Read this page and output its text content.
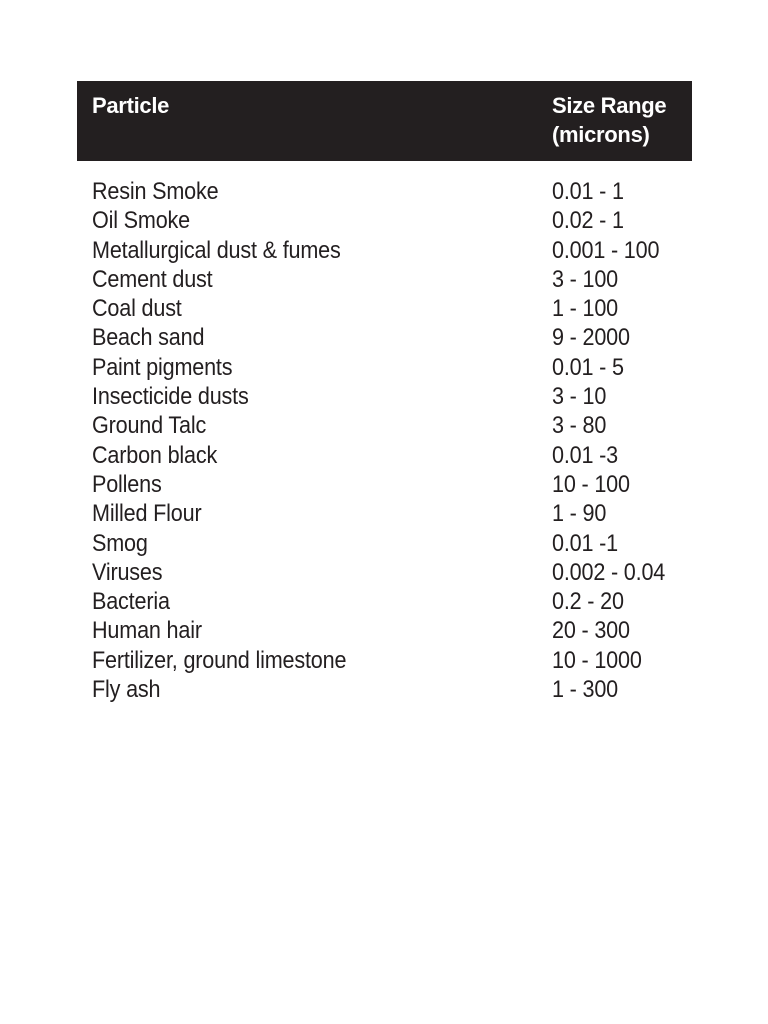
Particle	Size Range
(microns)
Resin Smoke	0.01 - 1
Oil Smoke	0.02 - 1
Metallurgical dust & fumes	0.001 - 100
Cement dust	3 - 100
Coal dust	1 - 100
Beach sand	9 - 2000
Paint pigments	0.01 - 5
Insecticide dusts	3 - 10
Ground Talc	3 - 80
Carbon black	0.01 -3
Pollens	10 - 100
Milled Flour	1 - 90
Smog	0.01 -1
Viruses	0.002 - 0.04
Bacteria	0.2 - 20
Human hair	20 - 300
Fertilizer, ground limestone	10 - 1000
Fly ash	1 - 300
